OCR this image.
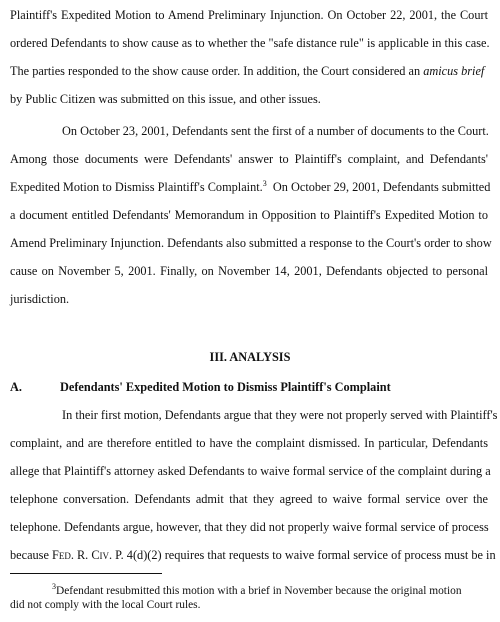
Plaintiff's Expedited Motion to Amend Preliminary Injunction. On October 22, 2001, the Court
ordered Defendants to show cause as to whether the "safe distance rule" is applicable in this case.
The parties responded to the show cause order. In addition, the Court considered an amicus brief
by Public Citizen was submitted on this issue, and other issues.
On October 23, 2001, Defendants sent the first of a number of documents to the Court.
Among those documents were Defendants' answer to Plaintiff's complaint, and Defendants'
Expedited Motion to Dismiss Plaintiff's Complaint.$^3$ On October 29, 2001, Defendants submitted
a document entitled Defendants' Memorandum in Opposition to Plaintiff's Expedited Motion to
Amend Preliminary Injunction. Defendants also submitted a response to the Court's order to show
cause on November 5, 2001. Finally, on November 14, 2001, Defendants objected to personal
jurisdiction.
III. ANALYSIS
A.	Defendants' Expedited Motion to Dismiss Plaintiff's Complaint
In their first motion, Defendants argue that they were not properly served with Plaintiff's
complaint, and are therefore entitled to have the complaint dismissed. In particular, Defendants
allege that Plaintiff's attorney asked Defendants to waive formal service of the complaint during a
telephone conversation. Defendants admit that they agreed to waive formal service over the
telephone. Defendants argue, however, that they did not properly waive formal service of process
because Fed. R. Civ. P. 4(d)(2) requires that requests to waive formal service of process must be in
$^3$Defendant resubmitted this motion with a brief in November because the original motion
did not comply with the local Court rules.
